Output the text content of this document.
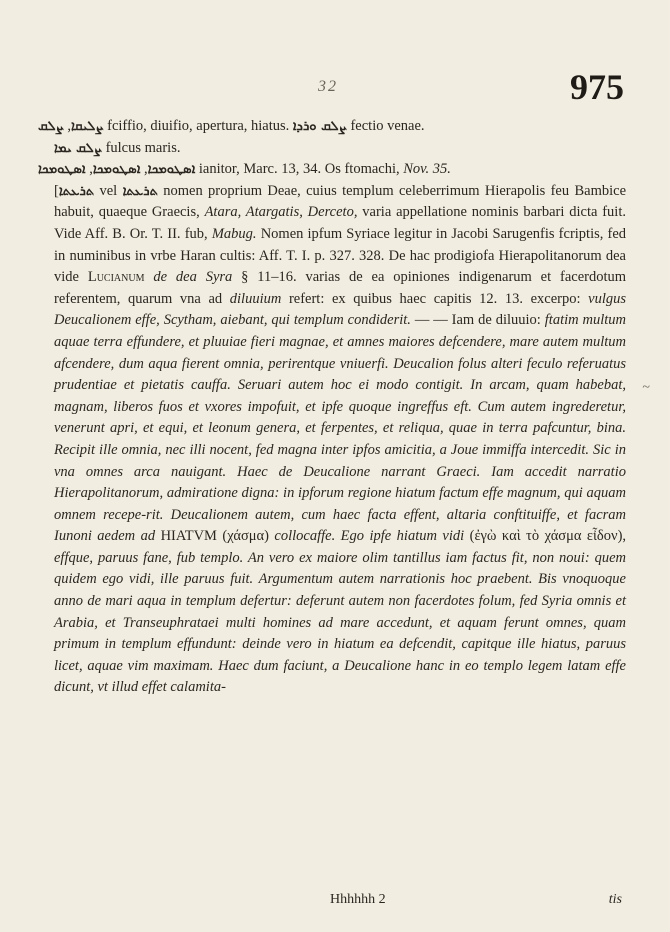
32	975
~

ܨܠܝܩܐ, ܨܠܩ	fciffio, diuifio, apertura, hiatus. ܨܠܩ ܘܪܕܐ fectio venae.

ܨܠܩ ܝܡܐ fulcus maris.

ܐܣܛܘܡܟܐ, ܐܣܛܘܡܟܐ, ܐܣܛܘܡܟܐ	ianitor, Marc. 13, 34. Os ftomachi, Nov. 35.

[ܬܪܥܬܐ vel ܬܪܥܬܐ nomen proprium Deae, cuius templum celeberrimum Hierapolis feu Bambice habuit, quaeque Graecis, Atara, Atargatis, Derceto, varia appellatione nominis barbari dicta fuit. Vide Aff. B. Or. T. II. fub, Mabug. Nomen ipfum Syriace legitur in Jacobi Sarugenfis fcriptis, fed in numinibus in vrbe Haran cultis: Aff. T. I. p. 327. 328. De hac prodigiofa Hierapolitanorum dea vide Lucianum de dea Syra § 11–16. varias de ea opiniones indigenarum et facerdotum referentem, quarum vna ad diluuium refert: ex quibus haec capitis 12. 13. excerpo: vulgus Deucalionem effe, Scytham, aiebant, qui templum condiderit. — — Iam de diluuio: ftatim multum aquae terra effundere, et pluuiae fieri magnae, et amnes maiores defcendere, mare autem multum afcendere, dum aqua fierent omnia, perirentque vniuerfi. Deucalion folus alteri feculo referuatus prudentiae et pietatis cauffa. Seruari autem hoc ei modo contigit. In arcam, quam habebat, magnam, liberos fuos et vxores impofuit, et ipfe quoque ingreffus eft. Cum autem ingrederetur, venerunt apri, et equi, et leonum genera, et ferpentes, et reliqua, quae in terra pafcuntur, bina. Recipit ille omnia, nec illi nocent, fed magna inter ipfos amicitia, a Joue immiffa intercedit. Sic in vna omnes arca nauigant. Haec de Deucalione narrant Graeci. Iam accedit narratio Hierapolitanorum, admiratione digna: in ipforum regione hiatum factum effe magnum, qui aquam omnem recepe-rit. Deucalionem autem, cum haec facta effent, altaria conftituiffe, et facram Iunoni aedem ad HIATVM (χάσμα) collocaffe. Ego ipfe hiatum vidi (ἐγὼ καὶ τὸ χάσμα εἶδον), effque, paruus fane, fub templo. An vero ex maiore olim tantillus iam factus fit, non noui: quem quidem ego vidi, ille paruus fuit. Argumentum autem narrationis hoc praebent. Bis vnoquoque anno de mari aqua in templum defertur: deferunt autem non facerdotes folum, fed Syria omnis et Arabia, et Transeuphrataei multi homines ad mare accedunt, et aquam ferunt omnes, quam primum in templum effundunt: deinde vero in hiatum ea defcendit, capitque ille hiatus, paruus licet, aquae vim maximam. Haec dum faciunt, a Deucalione hanc in eo templo legem latam effe dicunt, vt illud effet calamita-

Hhhhhh 2	tis
